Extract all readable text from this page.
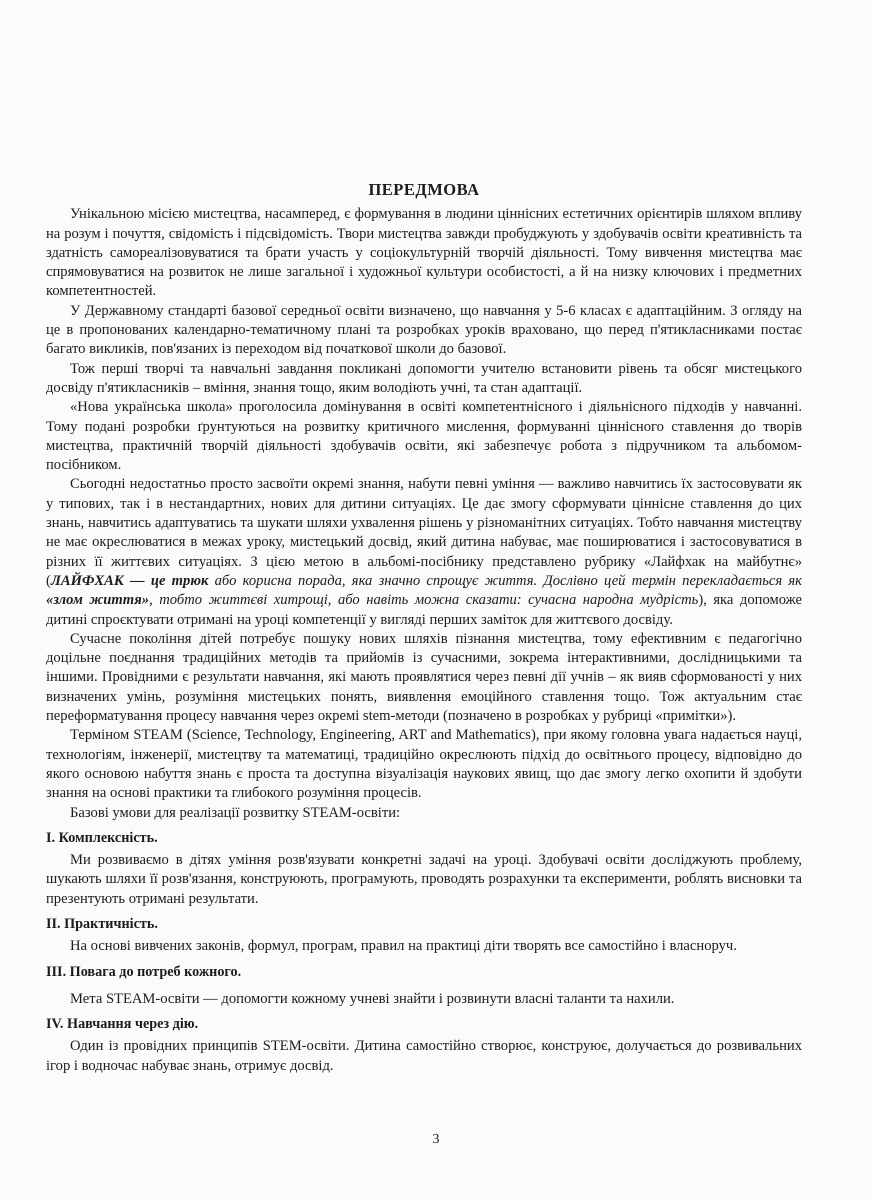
ПЕРЕДМОВА

Унікальною місією мистецтва, насамперед, є формування в людини ціннісних естетичних орієнтирів шляхом впливу на розум і почуття, свідомість і підсвідомість. Твори мистецтва завжди пробуджують у здобувачів освіти креативність та здатність самореалізовуватися та брати участь у соціокультурній творчій діяльності. Тому вивчення мистецтва має спрямовуватися на розвиток не лише загальної і художньої культури особистості, а й на низку ключових і предметних компетентностей.

У Державному стандарті базової середньої освіти визначено, що навчання у 5-6 класах є адаптаційним. З огляду на це в пропонованих календарно-тематичному плані та розробках уроків враховано, що перед п'ятикласниками постає багато викликів, пов'язаних із переходом від початкової школи до базової.

Тож перші творчі та навчальні завдання покликані допомогти учителю встановити рівень та обсяг мистецького досвіду п'ятикласників – вміння, знання тощо, яким володіють учні, та стан адаптації.

«Нова українська школа» проголосила домінування в освіті компетентнісного і діяльнісного підходів у навчанні. Тому подані розробки ґрунтуються на розвитку критичного мислення, формуванні ціннісного ставлення до творів мистецтва, практичній творчій діяльності здобувачів освіти, які забезпечує робота з підручником та альбомом-посібником.

Сьогодні недостатньо просто засвоїти окремі знання, набути певні уміння — важливо навчитись їх застосовувати як у типових, так і в нестандартних, нових для дитини ситуаціях. Це дає змогу сформувати ціннісне ставлення до цих знань, навчитись адаптуватись та шукати шляхи ухвалення рішень у різноманітних ситуаціях. Тобто навчання мистецтву не має окреслюватися в межах уроку, мистецький досвід, який дитина набуває, має поширюватися і застосовуватися в різних її життєвих ситуаціях. З цією метою в альбомі-посібнику представлено рубрику «Лайфхак на майбутнє» (ЛАЙФХАК — це трюк або корисна порада, яка значно спрощує життя. Дослівно цей термін перекладається як «злом життя», тобто життєві хитрощі, або навіть можна сказати: сучасна народна мудрість), яка допоможе дитині спроєктувати отримані на уроці компетенції у вигляді перших заміток для життєвого досвіду.

Сучасне покоління дітей потребує пошуку нових шляхів пізнання мистецтва, тому ефективним є педагогічно доцільне поєднання традиційних методів та прийомів із сучасними, зокрема інтерактивними, дослідницькими та іншими. Провідними є результати навчання, які мають проявлятися через певні дії учнів – як вияв сформованості у них визначених умінь, розуміння мистецьких понять, виявлення емоційного ставлення тощо. Тож актуальним стає переформатування процесу навчання через окремі stem-методи (позначено в розробках у рубриці «примітки»).

Терміном STEAM (Science, Technology, Engineering, ART and Mathematics), при якому головна увага надається науці, технологіям, інженерії, мистецтву та математиці, традиційно окреслюють підхід до освітнього процесу, відповідно до якого основою набуття знань є проста та доступна візуалізація наукових явищ, що дає змогу легко охопити й здобути знання на основі практики та глибокого розуміння процесів.

Базові умови для реалізації розвитку STEAM-освіти:

I. Комплексність.

Ми розвиваємо в дітях уміння розв'язувати конкретні задачі на уроці. Здобувачі освіти досліджують проблему, шукають шляхи її розв'язання, конструюють, програмують, проводять розрахунки та експерименти, роблять висновки та презентують отримані результати.

II. Практичність.

На основі вивчених законів, формул, програм, правил на практиці діти творять все самостійно і власноруч.

III. Повага до потреб кожного.

Мета STEAM-освіти — допомогти кожному учневі знайти і розвинути власні таланти та нахили.

IV. Навчання через дію.

Один із провідних принципів STEM-освіти. Дитина самостійно створює, конструює, долучається до розвивальних ігор і водночас набуває знань, отримує досвід.

3
